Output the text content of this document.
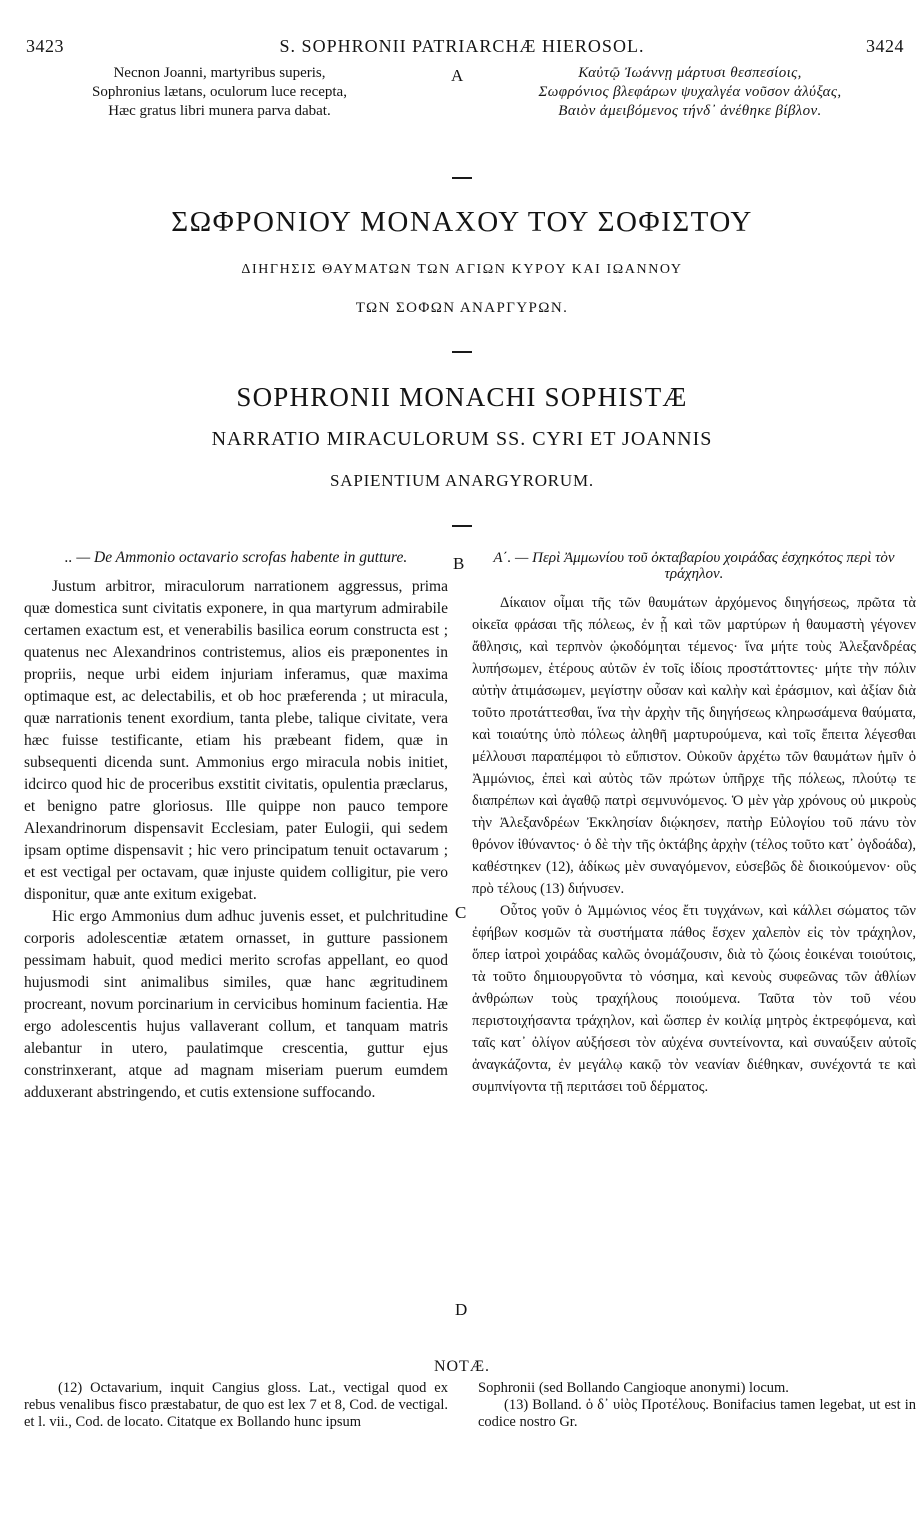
3423	S. SOPHRONII PATRIARCHÆ HIEROSOL.	3424
Necnon Joanni, martyribus superis,
Sophronius lætans, oculorum luce recepta,
Hæc gratus libri munera parva dabat.
A	Καὐτῷ Ἰωάννῃ μάρτυσι θεσπεσίοις,
Σωφρόνιος βλεφάρων ψυχαλγέα νοῦσον ἀλύξας,
Βαιὸν ἀμειβόμενος τήνδ᾽ ἀνέθηκε βίβλον.
ΣΩΦΡΟΝΙΟΥ ΜΟΝΑΧΟΥ ΤΟΥ ΣΟΦΙΣΤΟΥ
ΔΙΗΓΗΣΙΣ ΘΑΥΜΑΤΩΝ ΤΩΝ ΑΓΙΩΝ ΚΥΡΟΥ ΚΑΙ ΙΩΑΝΝΟΥ
ΤΩΝ ΣΟΦΩΝ ΑΝΑΡΓΥΡΩΝ.
SOPHRONII MONACHI SOPHISTÆ
NARRATIO MIRACULORUM SS. CYRI ET JOANNIS
SAPIENTIUM ANARGYRORUM.
.. — De Ammonio octavario scrofas habente in gutture.

Justum arbitror, miraculorum narrationem aggressus, prima quæ domestica sunt civitatis exponere, in qua martyrum admirabile certamen exactum est, et venerabilis basilica eorum constructa est ; quatenus nec Alexandrinos contristemus, alios eis præponentes in propriis, neque urbi eidem injuriam inferamus, quæ maxima optimaque est, ac delectabilis, et ob hoc præferenda ; ut miracula, quæ narrationis tenent exordium, tanta plebe, talique civitate, vera hæc fuisse testificante, etiam his præbeant fidem, quæ in subsequenti dicenda sunt. Ammonius ergo miracula nobis initiet, idcirco quod hic de proceribus exstitit civitatis, opulentia præclarus, et benigno patre gloriosus. Ille quippe non pauco tempore Alexandrinorum dispensavit Ecclesiam, pater Eulogii, qui sedem ipsam optime dispensavit ; hic vero principatum tenuit octavarum ; et est vectigal per octavam, quæ injuste quidem colligitur, pie vero disponitur, quæ ante exitum exigebat.

Hic ergo Ammonius dum adhuc juvenis esset, et pulchritudine corporis adolescentiæ ætatem ornasset, in gutture passionem pessimam habuit, quod medici merito scrofas appellant, eo quod hujusmodi sint animalibus similes, quæ hanc ægritudinem procreant, novum porcinarium in cervicibus hominum facientia. Hæ ergo adolescentis hujus vallaverant collum, et tanquam matris alebantur in utero, paulatimque crescentia, guttur ejus constrinxerant, atque ad magnam miseriam puerum eumdem adduxerant abstringendo, et cutis extensione suffocando.

B
C
D
Α΄. — Περὶ Ἀμμωνίου τοῦ ὀκταβαρίου χοιράδας ἐσχηκότος περὶ τὸν τράχηλον.

Δίκαιον οἶμαι τῆς τῶν θαυμάτων ἀρχόμενος διηγήσεως, πρῶτα τὰ οἰκεῖα φράσαι τῆς πόλεως, ἐν ᾗ καὶ τῶν μαρτύρων ἡ θαυμαστὴ γέγονεν ἄθλησις, καὶ τερπνὸν ᾠκοδόμηται τέμενος· ἵνα μήτε τοὺς Ἀλεξανδρέας λυπήσωμεν, ἑτέρους αὐτῶν ἐν τοῖς ἰδίοις προστάττοντες· μήτε τὴν πόλιν αὐτὴν ἀτιμάσωμεν, μεγίστην οὖσαν καὶ καλὴν καὶ ἐράσμιον, καὶ ἀξίαν διὰ τοῦτο προτάττεσθαι, ἵνα τὴν ἀρχὴν τῆς διηγήσεως κληρωσάμενα θαύματα, καὶ τοιαύτης ὑπὸ πόλεως ἀληθῆ μαρτυρούμενα, καὶ τοῖς ἔπειτα λέγεσθαι μέλλουσι παραπέμφοι τὸ εὔπιστον. Οὐκοῦν ἀρχέτω τῶν θαυμάτων ἡμῖν ὁ Ἀμμώνιος, ἐπεὶ καὶ αὐτὸς τῶν πρώτων ὑπῆρχε τῆς πόλεως, πλούτῳ τε διαπρέπων καὶ ἀγαθῷ πατρὶ σεμνυνόμενος. Ὁ μὲν γὰρ χρόνους οὐ μικροὺς τὴν Ἀλεξανδρέων Ἐκκλησίαν διῴκησεν, πατὴρ Εὐλογίου τοῦ πάνυ τὸν θρόνον ἰθύναντος· ὁ δὲ τὴν τῆς ὀκτάβης ἀρχὴν (τέλος τοῦτο κατ᾽ ὀγδοάδα), καθέστηκεν (12), ἀδίκως μὲν συναγόμενον, εὐσεβῶς δὲ διοικούμενον· οὓς πρὸ τέλους (13) διήνυσεν.

Οὗτος γοῦν ὁ Ἀμμώνιος νέος ἔτι τυγχάνων, καὶ κάλλει σώματος τῶν ἐφήβων κοσμῶν τὰ συστήματα πάθος ἔσχεν χαλεπὸν εἰς τὸν τράχηλον, ὅπερ ἰατροὶ χοιράδας καλῶς ὀνομάζουσιν, διὰ τὸ ζώοις ἐοικέναι τοιούτοις, τὰ τοῦτο δημιουργοῦντα τὸ νόσημα, καὶ κενοὺς συφεῶνας τῶν ἀθλίων ἀνθρώπων τοὺς τραχήλους ποιούμενα. Ταῦτα τὸν τοῦ νέου περιστοιχήσαντα τράχηλον, καὶ ὥσπερ ἐν κοιλίᾳ μητρὸς ἐκτρεφόμενα, καὶ ταῖς κατ᾽ ὀλίγον αὐξήσεσι τὸν αὐχένα συντείνοντα, καὶ συναύξειν αὐτοῖς ἀναγκάζοντα, ἐν μεγάλῳ κακῷ τὸν νεανίαν διέθηκαν, συνέχοντά τε καὶ συμπνίγοντα τῇ περιτάσει τοῦ δέρματος.

NOTÆ.

(12) Octavarium, inquit Cangius gloss. Lat., vectigal quod ex rebus venalibus fisco præstabatur, de quo est lex 7 et 8, Cod. de vectigal. et l. vii., Cod. de locato. Citatque ex Bollando hunc ipsum

Sophronii (sed Bollando Cangioque anonymi) locum.

(13) Bolland. ὁ δ᾽ υἱὸς Προτέλους. Bonifacius tamen legebat, ut est in codice nostro Gr.
